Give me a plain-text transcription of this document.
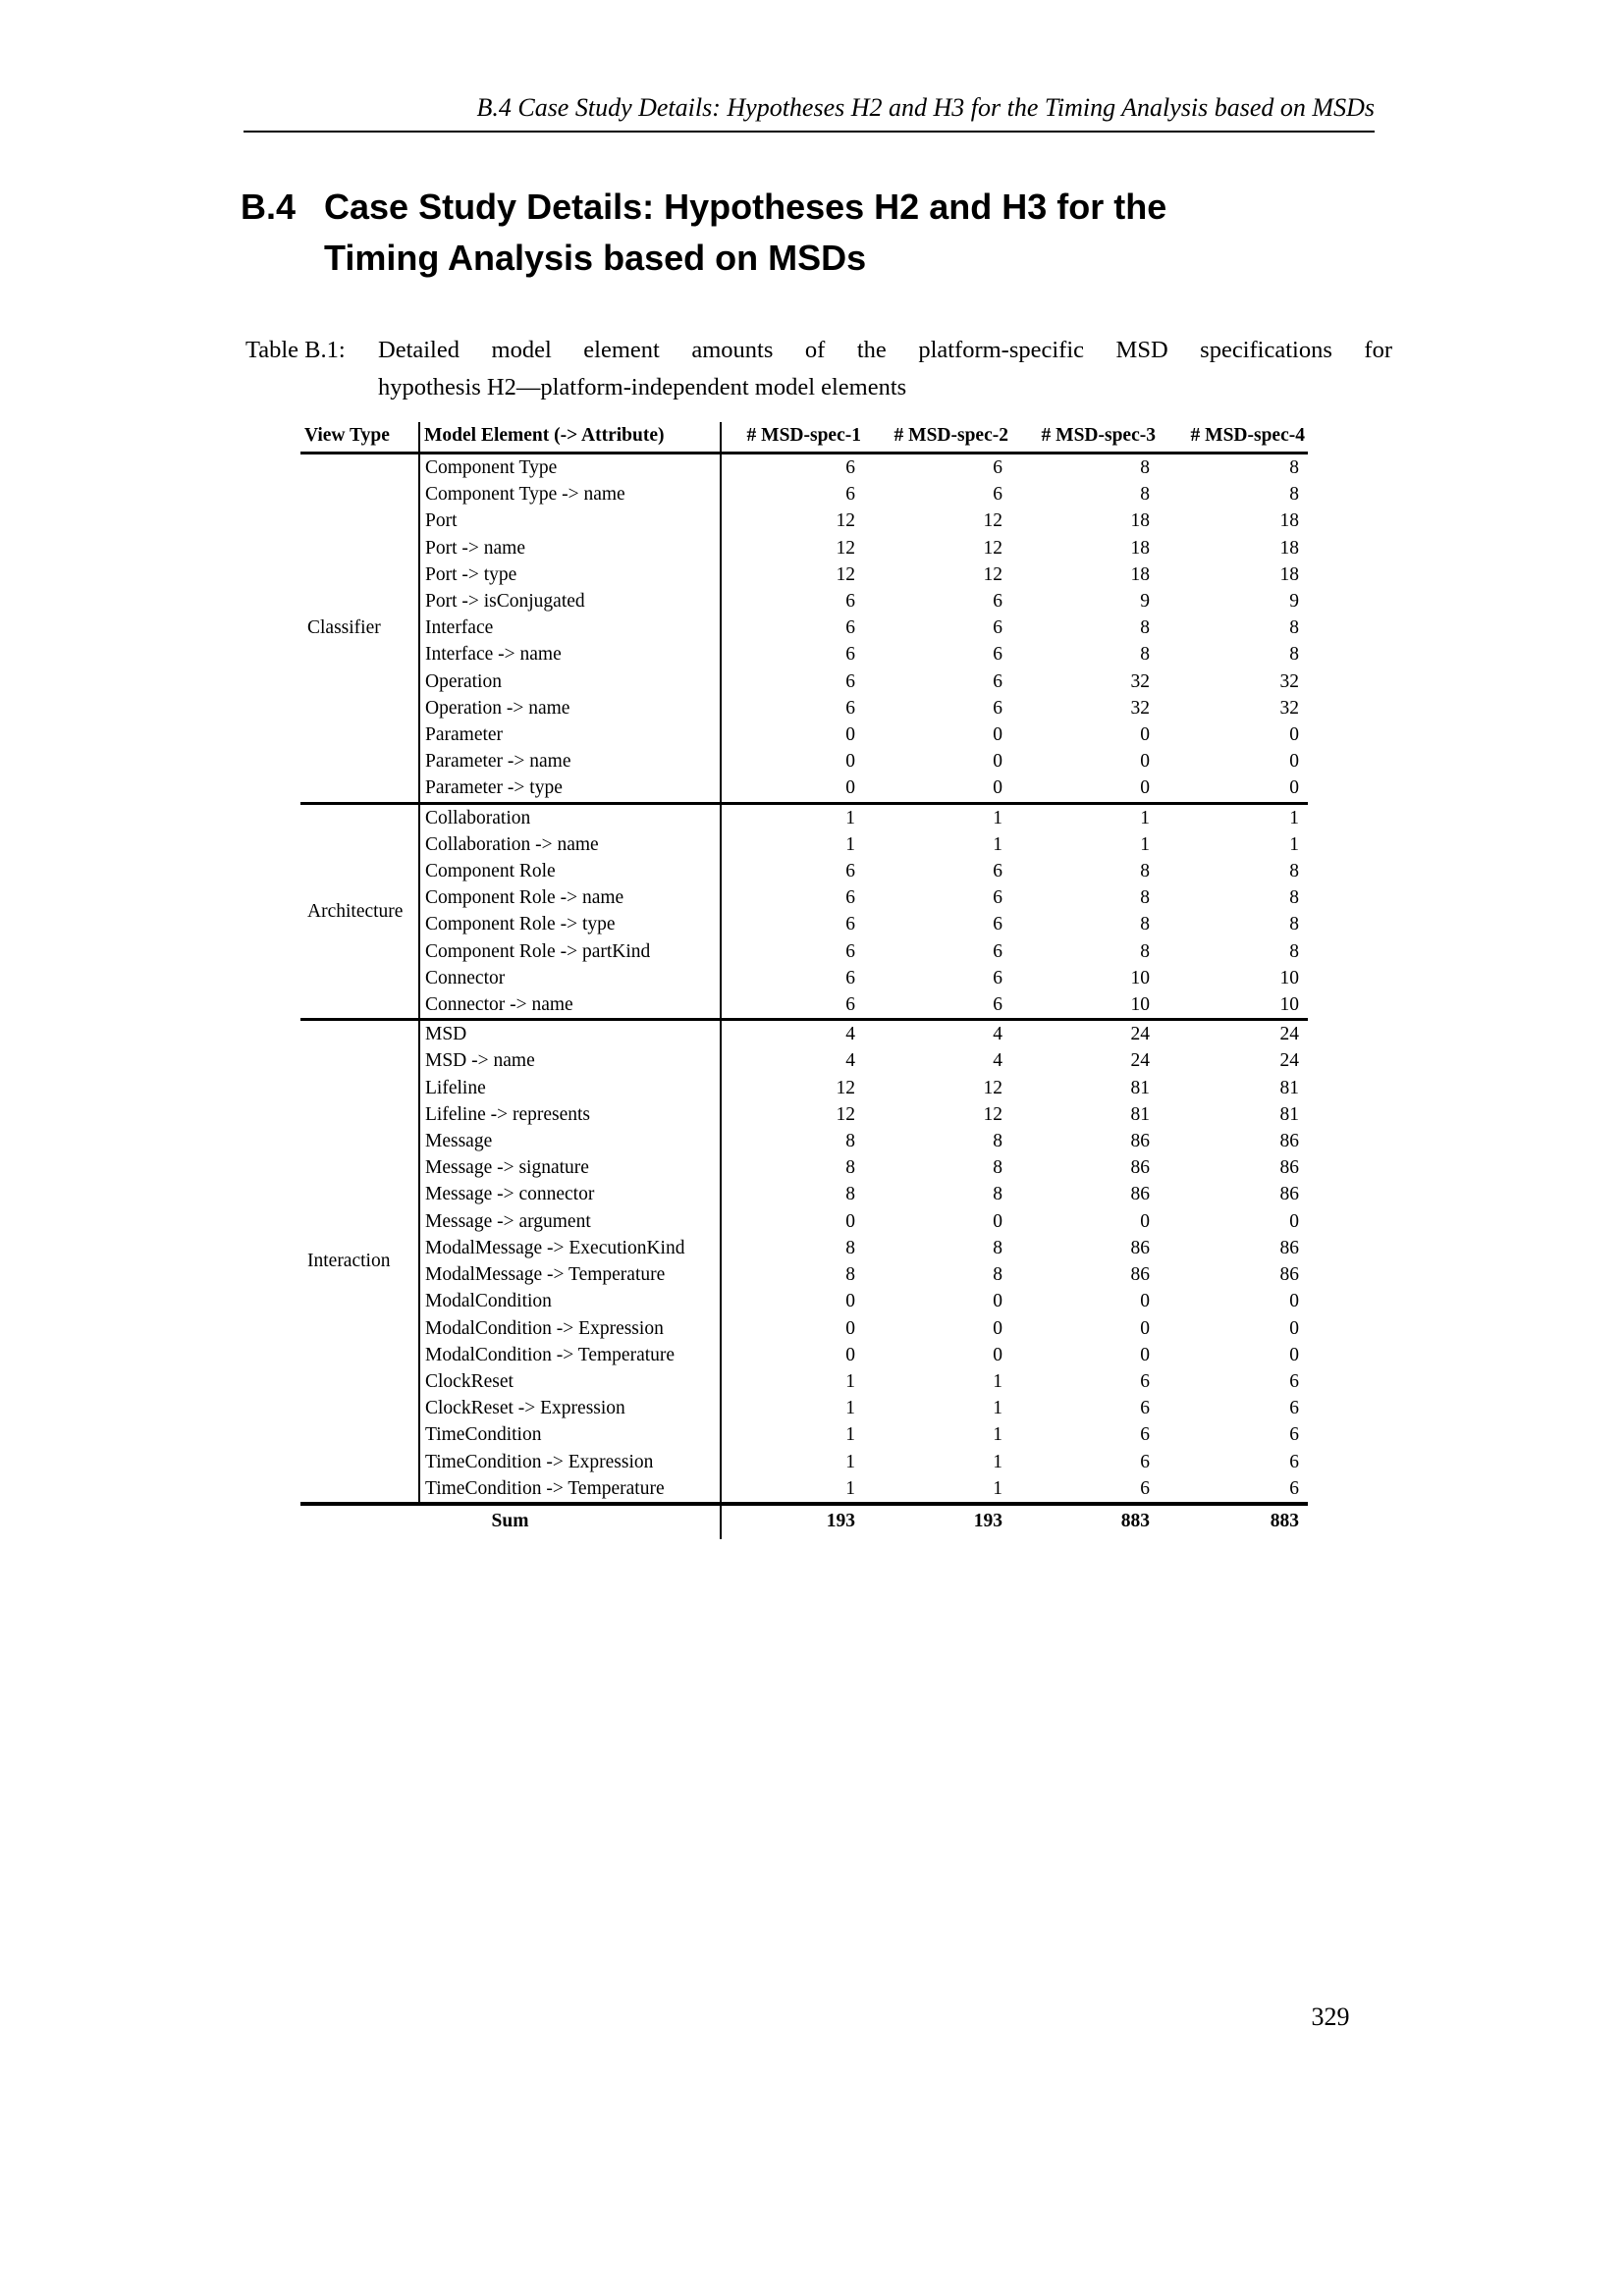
B.4 Case Study Details: Hypotheses H2 and H3 for the Timing Analysis based on MSDs
B.4 Case Study Details: Hypotheses H2 and H3 for the
Timing Analysis based on MSDs
Table B.1:	Detailed model element amounts of the platform-specific MSD specifications for
hypothesis H2—platform-independent model elements
View Type	Model Element (-> Attribute)	# MSD-spec-1	# MSD-spec-2	# MSD-spec-3	# MSD-spec-4
Classifier	Component Type	6	6	8	8
	Component Type -> name	6	6	8	8
	Port	12	12	18	18
	Port -> name	12	12	18	18
	Port -> type	12	12	18	18
	Port -> isConjugated	6	6	9	9
	Interface	6	6	8	8
	Interface -> name	6	6	8	8
	Operation	6	6	32	32
	Operation -> name	6	6	32	32
	Parameter	0	0	0	0
	Parameter -> name	0	0	0	0
	Parameter -> type	0	0	0	0
Architecture	Collaboration	1	1	1	1
	Collaboration -> name	1	1	1	1
	Component Role	6	6	8	8
	Component Role -> name	6	6	8	8
	Component Role -> type	6	6	8	8
	Component Role -> partKind	6	6	8	8
	Connector	6	6	10	10
	Connector -> name	6	6	10	10
Interaction	MSD	4	4	24	24
	MSD -> name	4	4	24	24
	Lifeline	12	12	81	81
	Lifeline -> represents	12	12	81	81
	Message	8	8	86	86
	Message -> signature	8	8	86	86
	Message -> connector	8	8	86	86
	Message -> argument	0	0	0	0
	ModalMessage -> ExecutionKind	8	8	86	86
	ModalMessage -> Temperature	8	8	86	86
	ModalCondition	0	0	0	0
	ModalCondition -> Expression	0	0	0	0
	ModalCondition -> Temperature	0	0	0	0
	ClockReset	1	1	6	6
	ClockReset -> Expression	1	1	6	6
	TimeCondition	1	1	6	6
	TimeCondition -> Expression	1	1	6	6
	TimeCondition -> Temperature	1	1	6	6
Sum		193	193	883	883
329
